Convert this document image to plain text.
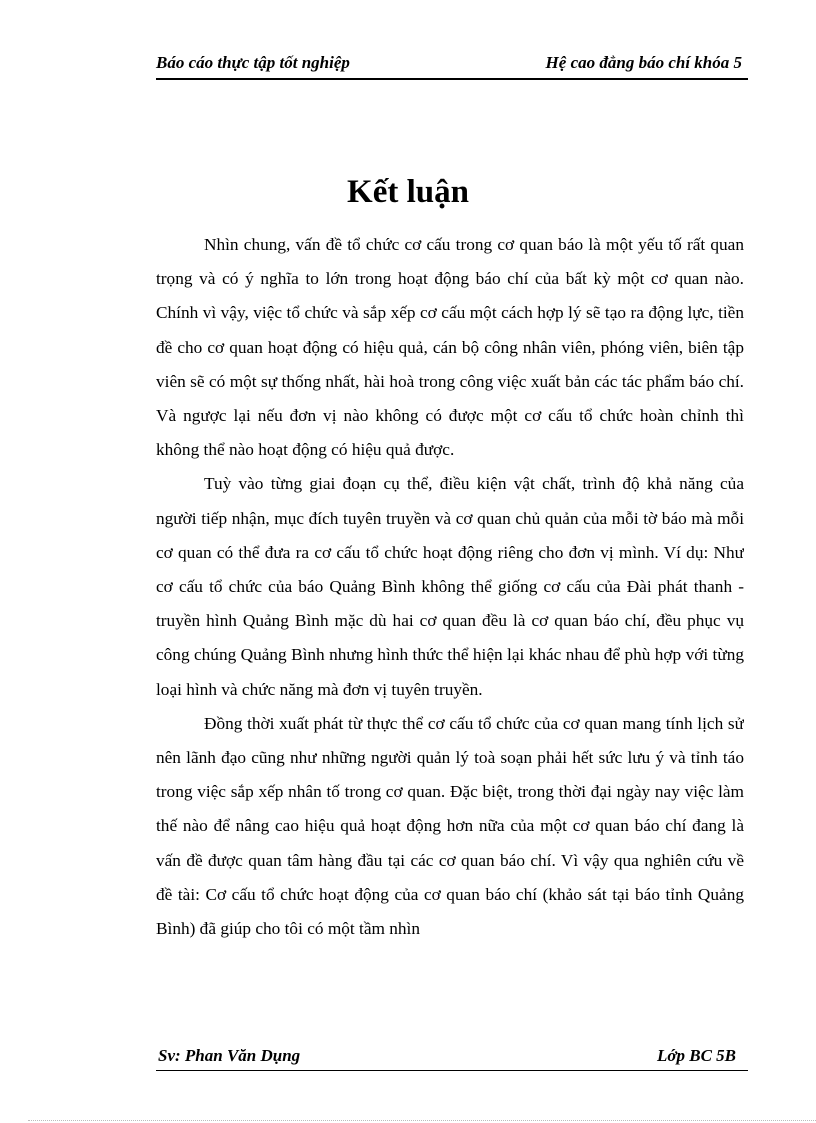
Báo cáo thực tập tốt nghiệp	Hệ cao đẳng báo chí khóa 5
Kết luận

Nhìn chung, vấn đề tổ chức cơ cấu trong cơ quan báo là một yếu tố rất quan trọng và có ý nghĩa to lớn trong hoạt động báo chí của bất kỳ một cơ quan nào. Chính vì vậy, việc tổ chức và sắp xếp cơ cấu một cách hợp lý sẽ tạo ra động lực, tiền đề cho cơ quan hoạt động có hiệu quả, cán bộ công nhân viên, phóng viên, biên tập viên sẽ có một sự thống nhất, hài hoà trong công việc xuất bản các tác phẩm báo chí. Và ngược lại nếu đơn vị nào không có được một cơ cấu tổ chức hoàn chỉnh thì không thể nào hoạt động có hiệu quả được.

Tuỳ vào từng giai đoạn cụ thể, điều kiện vật chất, trình độ khả năng của người tiếp nhận, mục đích tuyên truyền và cơ quan chủ quản của mỗi tờ báo mà mỗi cơ quan có thể đưa ra cơ cấu tổ chức hoạt động riêng cho đơn vị mình. Ví dụ: Như cơ cấu tổ chức của báo Quảng Bình không thể giống cơ cấu của Đài phát thanh - truyền hình Quảng Bình mặc dù hai cơ quan đều là cơ quan báo chí, đều phục vụ công chúng Quảng Bình nhưng hình thức thể hiện lại khác nhau để phù hợp với từng loại hình và chức năng mà đơn vị tuyên truyền.

Đồng thời xuất phát từ thực thể cơ cấu tổ chức của cơ quan mang tính lịch sử nên lãnh đạo cũng như những người quản lý toà soạn phải hết sức lưu ý và tỉnh táo trong việc sắp xếp nhân tố trong cơ quan. Đặc biệt, trong thời đại ngày nay việc làm thế nào để nâng cao hiệu quả hoạt động hơn nữa của một cơ quan báo chí đang là vấn đề được quan tâm hàng đầu tại các cơ quan báo chí. Vì vậy qua nghiên cứu về đề tài: Cơ cấu tổ chức hoạt động của cơ quan báo chí (khảo sát tại báo tỉnh Quảng Bình) đã giúp cho tôi có một tầm nhìn

Sv: Phan Văn Dụng	Lớp BC 5B
